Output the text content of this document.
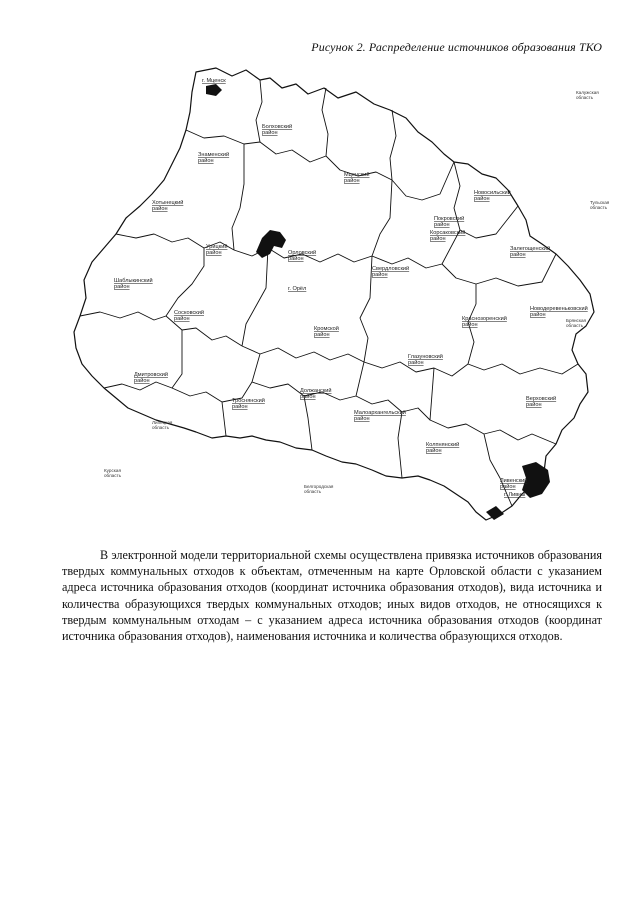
Рисунок 2. Распределение источников образования ТКО
Болховский район
Знаменский район
Хотынецкий район
Мценский район
Новосильский район
Шаблыкинский район
Урицкий район	Орловский район
Корсаковский район
Дмитровский район
Сосковский район
Свердловский район
Залегощенский район
Новодеревеньковский район
Краснозоренский район
Кромской район
Троснянский район
Глазуновский район
Покровский район
Верховский район
Малоархангельский район
Колпнянский район
Должанский район
Ливенский район
г. Ливны
г. Орёл
г. Мценск
Калужская область
Тульская область
Брянская область
Липецкая область
Курская область
Белгородская область

В электронной модели территориальной схемы осуществлена привязка источников образования твердых коммунальных отходов к объектам, отмеченным на карте Орловской области с указанием адреса источника образования отходов (координат источника образования отходов), вида источника и количества образующихся твердых коммунальных отходов; иных видов отходов, не относящихся к твердым коммунальным отходам – с указанием адреса источника образования отходов (координат источника образования отходов), наименования источника и количества образующихся отходов.
